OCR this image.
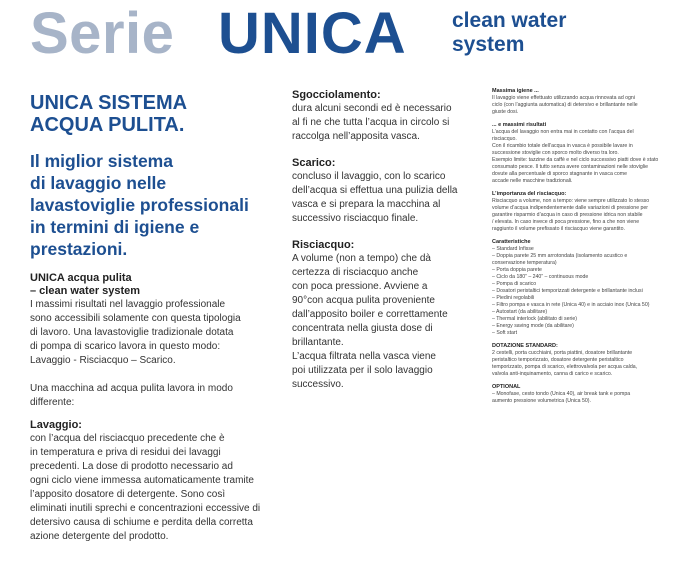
Serie UNICA clean water
system
UNICA SISTEMA
ACQUA PULITA.
Il miglior sistema
di lavaggio nelle
lavastoviglie professionali
in termini di igiene e
prestazioni.
UNICA acqua pulita
– clean water system
I massimi risultati nel lavaggio professionale
sono accessibili solamente con questa tipologia
di lavoro. Una lavastoviglie tradizionale dotata
di pompa di scarico lavora in questo modo:
Lavaggio - Risciacquo – Scarico.
Una macchina ad acqua pulita lavora in modo
differente:
Lavaggio:
con l’acqua del risciacquo precedente che è
in temperatura e priva di residui dei lavaggi
precedenti. La dose di prodotto necessario ad
ogni ciclo viene immessa automaticamente tramite
l’apposito dosatore di detergente. Sono così
eliminati inutili sprechi e concentrazioni eccessive di
detersivo causa di schiume e perdita della corretta
azione detergente del prodotto.
Sgocciolamento:
dura alcuni secondi ed è necessario
al fi ne che tutta l’acqua in circolo si
raccolga nell’apposita vasca.
Scarico:
concluso il lavaggio, con lo scarico
dell’acqua si effettua una pulizia della
vasca e si prepara la macchina al
successivo risciacquo finale.
Risciacquo:
A volume (non a tempo) che dà
certezza di risciacquo anche
con poca pressione. Avviene a
90°con acqua pulita proveniente
dall’apposito boiler e correttamente
concentrata nella giusta dose di
brillantante.
L’acqua filtrata nella vasca viene
poi utilizzata per il solo lavaggio
successivo.
Massima igiene ...
Il lavaggio viene effettuato utilizzando acqua rinnovata ad ogni
ciclo (con l’aggiunta automatica) di detersivo e brillantante nelle
giuste dosi.
... e massimi risultati
L’acqua del lavaggio non entra mai in contatto con l’acqua del
risciacquo.
Con il ricambio totale dell’acqua in vasca è possibile lavare in
successione stoviglie con sporco molto diverso tra loro.
Esempio limite: tazzine da caffè e nel ciclo successivo piatti dove è stato
consumato pesce. Il tutto senza avere contaminazioni nelle stoviglie
dovute alla percentuale di sporco stagnante in vasca come
accade nelle macchine tradizionali.
L’importanza del risciacquo:
Risciacquo a volume, non a tempo: viene sempre utilizzato lo stesso
volume d’acqua indipendentemente dalle variazioni di pressione per
garantire risparmio d’acqua in caso di pressione idrica non stabile
/ elevata. In caso invece di poca pressione, fino a che non viene
raggiunto il volume prefissato il risciacquo viene garantito.
Caratteristiche
– Standard Infisse
– Doppia parete 25 mm arrotondata (isolamento acustico e
conservazione temperatura)
– Porta doppia parete
– Ciclo da 180” – 240” – continuous mode
– Pompa di scarico
– Dosatori peristaltici temporizzati detergente e brillantante inclusi
– Piedini regolabili
– Filtro pompa e vasca in rete (Unica 40) e in acciaio inox (Unica 50)
– Autostart (da abilitare)
– Thermal interlock (abilitato di serie)
– Energy saving mode (da abilitare)
– Soft start
DOTAZIONE STANDARD:
2 cestelli, porta cucchiaini, porta piattini, dosatore brillantante
peristaltico temporizzato, dosatore detergente peristaltico
temporizzato, pompa di scarico, elettrovalvola per acqua calda,
valvola anti-inquinamento, canna di carico e scarico.
OPTIONAL
– Monofase, cesto tondo (Unica 40), air break tank e pompa
aumento pressione volumetrica (Unica 50).
